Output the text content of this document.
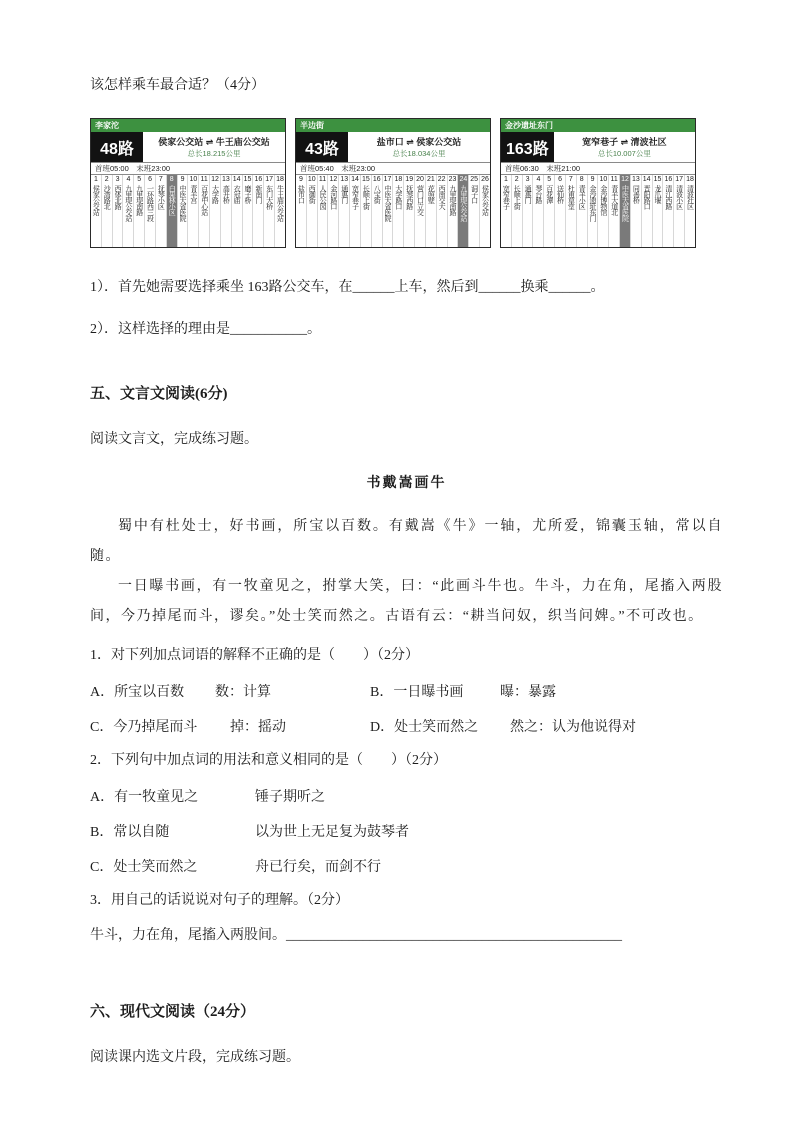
该怎样乘车最合适？（4分）

李家沱
48路	侯家公交站 ⇌ 牛王庙公交站
总长18.215公里
首班05:00　末班23:00
1
侯家公交站
2
沙湾路北
3
西体北路
4
九里堤公交站
5
九里堤南路
6
一环路西三段
7
抚琴小区
8
白果林小区
9
中医大省医院
10
青羊宫
11
百花中心站
12
大学路
13
高升桥
14
衣冠庙
15
磨子桥
16
新南门
17
东门大桥
18
牛王庙公交站
半边街
43路	盐市口 ⇌ 侯家公交站
总长18.034公里
首班05:40　末班23:00
9
盐市口
10
西御街
11
人民公园
12
金河路口
13
通惠门
14
宽窄巷子
15
长顺上街
16
八宝街
17
中医大省医院
18
大学路口
19
抚琴西路
20
营门口立交
21
花照壁
22
西南交大
23
九里堤南路
24
九里堤公交站
25
洞子口
26
侯家公交站
金沙遗址东门
163路	宽窄巷子 ⇌ 清波社区
总长10.007公里
首班06:30　末班21:00
1
宽窄巷子
2
长顺上街
3
通惠门
4
琴台路
5
百花潭
6
送仙桥
7
杜甫草堂
8
青羊小区
9
金沙遗址东门
10
金沙博物馆
11
青羊大道北
12
中医大省医院
13
同善桥
14
晋阳路口
15
龙爪堰
16
清江西路
17
清波小区
18
清波社区

1）．首先她需要选择乘坐 163路公交车，在______上车，然后到______换乘______。

2）．这样选择的理由是___________。

五、文言文阅读(6分)

阅读文言文，完成练习题。

书戴嵩画牛

蜀中有杜处士，好书画，所宝以百数。有戴嵩《牛》一轴，尤所爱，锦囊玉轴，常以自随。

一日曝书画，有一牧童见之，拊掌大笑，曰：“此画斗牛也。牛斗，力在角，尾搐入两股间，今乃掉尾而斗，谬矣。”处士笑而然之。古语有云：“耕当问奴，织当问婢。”不可改也。

1．对下列加点词语的解释不正确的是（　　）（2分）

A．所宝以百数	数：计算	B．一日曝书画	曝：暴露
C．今乃掉尾而斗	掉：摇动	D．处士笑而然之	然之：认为他说得对

2．下列句中加点词的用法和意义相同的是（　　）（2分）

A．有一牧童见之	锤子期听之
B．常以自随	以为世上无足复为鼓琴者
C．处士笑而然之	舟已行矣，而剑不行

3．用自己的话说说对句子的理解。（2分）

牛斗，力在角，尾搐入两股间。________________________________________________

六、现代文阅读（24分）

阅读课内选文片段，完成练习题。
